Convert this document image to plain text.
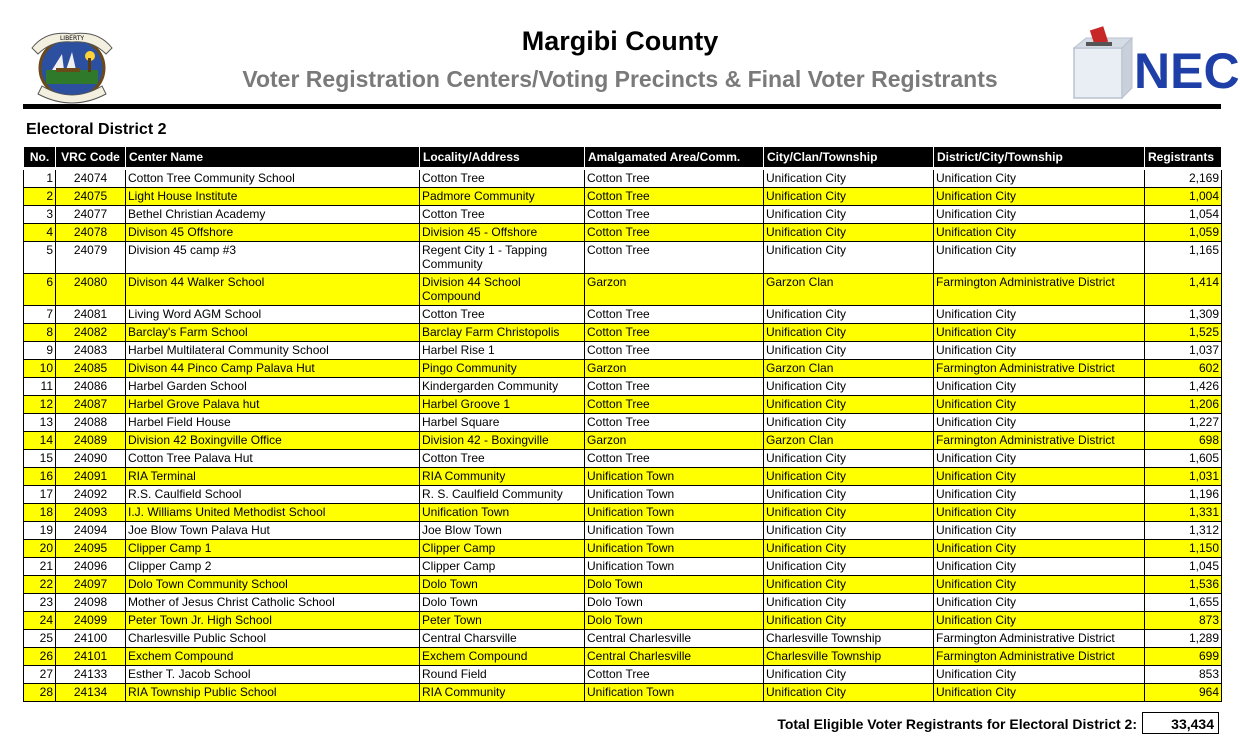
LIBERTY	Margibi County
Voter Registration Centers/Voting Precincts & Final Voter Registrants	NEC
Electoral District 2
No.	VRC Code	Center Name	Locality/Address	Amalgamated Area/Comm.	City/Clan/Township	District/City/Township	Registrants
1	24074	Cotton Tree Community School	Cotton Tree	Cotton Tree	Unification City	Unification City	2,169
2	24075	Light House Institute	Padmore Community	Cotton Tree	Unification City	Unification City	1,004
3	24077	Bethel Christian Academy	Cotton Tree	Cotton Tree	Unification City	Unification City	1,054
4	24078	Divison 45 Offshore	Division 45 - Offshore	Cotton Tree	Unification City	Unification City	1,059
5	24079	Division 45 camp #3	Regent City 1 - Tapping Community	Cotton Tree	Unification City	Unification City	1,165
6	24080	Divison 44 Walker School	Division 44 School Compound	Garzon	Garzon Clan	Farmington Administrative District	1,414
7	24081	Living Word AGM School	Cotton Tree	Cotton Tree	Unification City	Unification City	1,309
8	24082	Barclay's Farm School	Barclay Farm Christopolis	Cotton Tree	Unification City	Unification City	1,525
9	24083	Harbel Multilateral Community School	Harbel Rise 1	Cotton Tree	Unification City	Unification City	1,037
10	24085	Divison 44 Pinco Camp Palava Hut	Pingo Community	Garzon	Garzon Clan	Farmington Administrative District	602
11	24086	Harbel Garden School	Kindergarden Community	Cotton Tree	Unification City	Unification City	1,426
12	24087	Harbel Grove Palava hut	Harbel Groove 1	Cotton Tree	Unification City	Unification City	1,206
13	24088	Harbel Field House	Harbel Square	Cotton Tree	Unification City	Unification City	1,227
14	24089	Division 42 Boxingville Office	Division 42 - Boxingville	Garzon	Garzon Clan	Farmington Administrative District	698
15	24090	Cotton Tree Palava Hut	Cotton Tree	Cotton Tree	Unification City	Unification City	1,605
16	24091	RIA Terminal	RIA Community	Unification Town	Unification City	Unification City	1,031
17	24092	R.S. Caulfield School	R. S. Caulfield Community	Unification Town	Unification City	Unification City	1,196
18	24093	I.J. Williams United Methodist School	Unification Town	Unification Town	Unification City	Unification City	1,331
19	24094	Joe Blow Town Palava Hut	Joe Blow Town	Unification Town	Unification City	Unification City	1,312
20	24095	Clipper Camp 1	Clipper Camp	Unification Town	Unification City	Unification City	1,150
21	24096	Clipper Camp 2	Clipper Camp	Unification Town	Unification City	Unification City	1,045
22	24097	Dolo Town Community School	Dolo Town	Dolo Town	Unification City	Unification City	1,536
23	24098	Mother of Jesus Christ Catholic School	Dolo Town	Dolo Town	Unification City	Unification City	1,655
24	24099	Peter Town Jr. High School	Peter Town	Dolo Town	Unification City	Unification City	873
25	24100	Charlesville Public School	Central Charsville	Central Charlesville	Charlesville Township	Farmington Administrative District	1,289
26	24101	Exchem Compound	Exchem Compound	Central Charlesville	Charlesville Township	Farmington Administrative District	699
27	24133	Esther T. Jacob School	Round Field	Cotton Tree	Unification City	Unification City	853
28	24134	RIA Township Public School	RIA Community	Unification Town	Unification City	Unification City	964
Total Eligible Voter Registrants for Electoral District 2:	33,434
